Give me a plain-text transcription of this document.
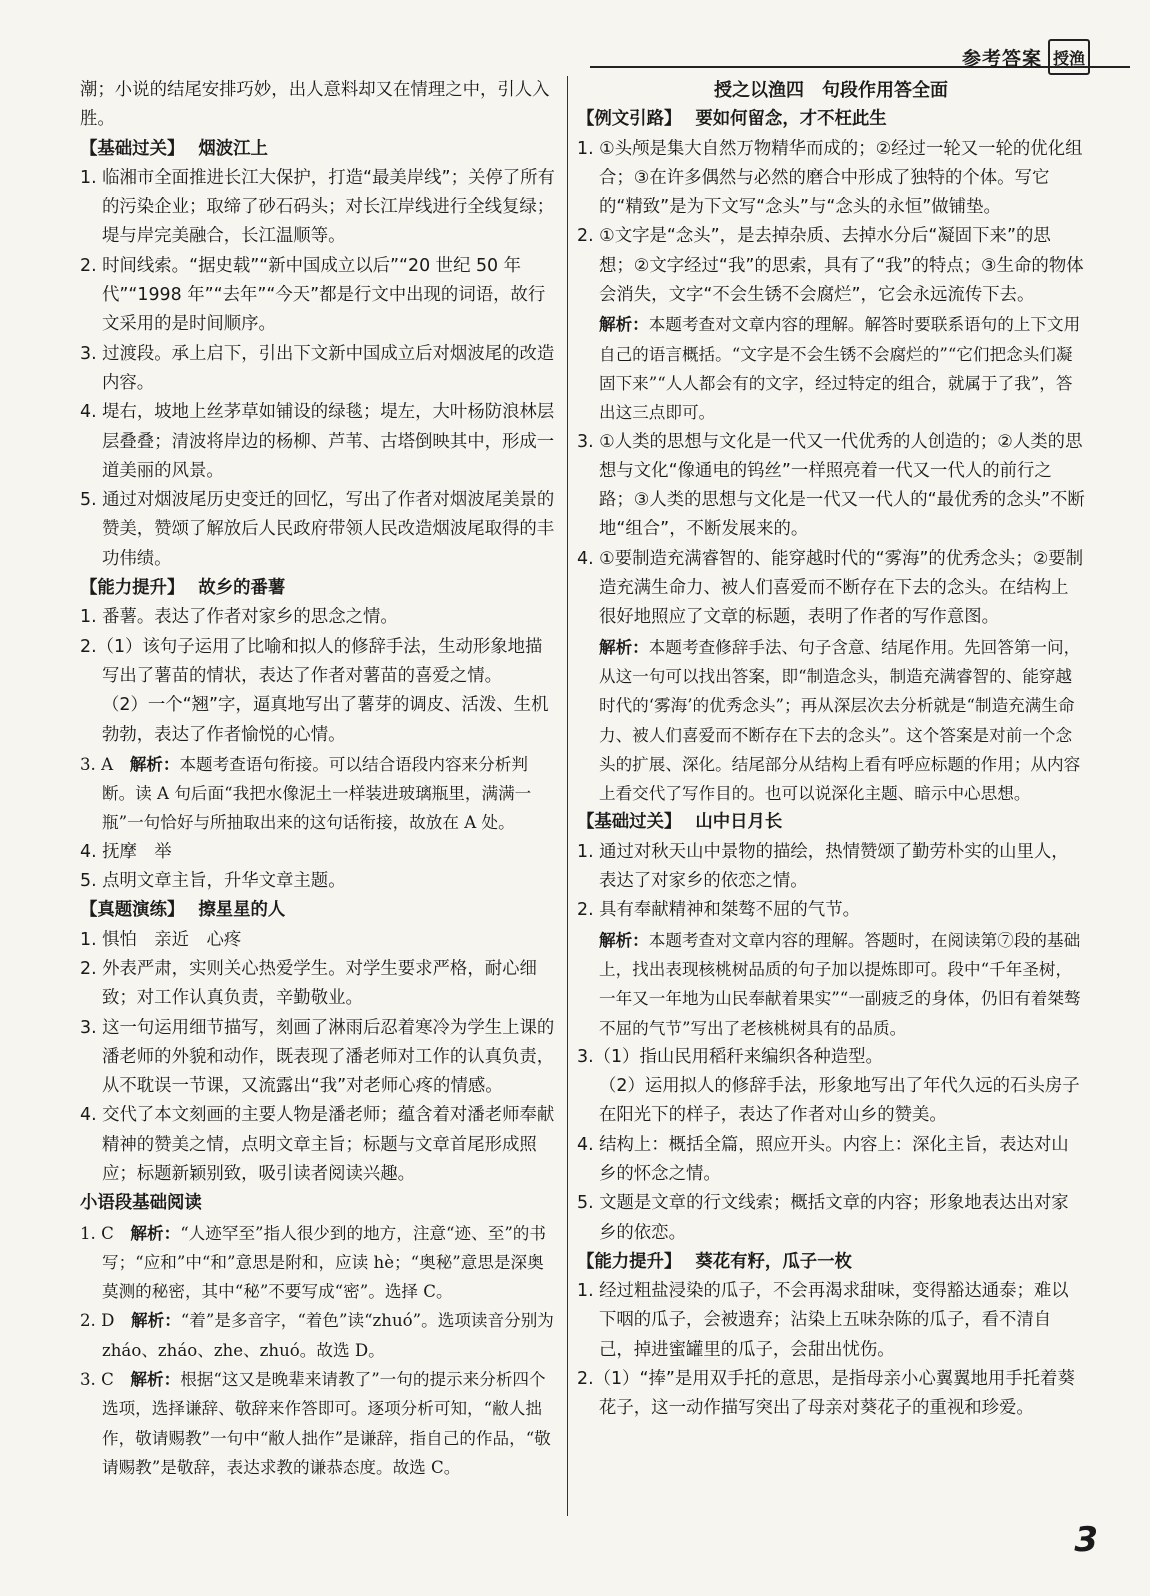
参考答案 授渔

潮；小说的结尾安排巧妙，出人意料却又在情理之中，引人入胜。

【基础过关】 烟波江上

1. 临湘市全面推进长江大保护，打造“最美岸线”；关停了所有的污染企业；取缔了砂石码头；对长江岸线进行全线复绿；堤与岸完美融合，长江温顺等。

2. 时间线索。“据史载”“新中国成立以后”“20 世纪 50 年代”“1998 年”“去年”“今天”都是行文中出现的词语，故行文采用的是时间顺序。

3. 过渡段。承上启下，引出下文新中国成立后对烟波尾的改造内容。

4. 堤右，坡地上丝茅草如铺设的绿毯；堤左，大叶杨防浪林层层叠叠；清波将岸边的杨柳、芦苇、古塔倒映其中，形成一道美丽的风景。

5. 通过对烟波尾历史变迁的回忆，写出了作者对烟波尾美景的赞美，赞颂了解放后人民政府带领人民改造烟波尾取得的丰功伟绩。

【能力提升】 故乡的番薯

1. 番薯。表达了作者对家乡的思念之情。

2.（1）该句子运用了比喻和拟人的修辞手法，生动形象地描写出了薯苗的情状，表达了作者对薯苗的喜爱之情。

（2）一个“翘”字，逼真地写出了薯芽的调皮、活泼、生机勃勃，表达了作者愉悦的心情。

3. A　解析：本题考查语句衔接。可以结合语段内容来分析判断。读 A 句后面“我把水像泥土一样装进玻璃瓶里，满满一瓶”一句恰好与所抽取出来的这句话衔接，故放在 A 处。

4. 抚摩　举

5. 点明文章主旨，升华文章主题。

【真题演练】 擦星星的人

1. 惧怕　亲近　心疼

2. 外表严肃，实则关心热爱学生。对学生要求严格，耐心细致；对工作认真负责，辛勤敬业。

3. 这一句运用细节描写，刻画了淋雨后忍着寒冷为学生上课的潘老师的外貌和动作，既表现了潘老师对工作的认真负责，从不耽误一节课，又流露出“我”对老师心疼的情感。

4. 交代了本文刻画的主要人物是潘老师；蕴含着对潘老师奉献精神的赞美之情，点明文章主旨；标题与文章首尾形成照应；标题新颖别致，吸引读者阅读兴趣。

小语段基础阅读

1. C　解析：“人迹罕至”指人很少到的地方，注意“迹、至”的书写；“应和”中“和”意思是附和，应读 hè；“奥秘”意思是深奥莫测的秘密，其中“秘”不要写成“密”。选择 C。

2. D　解析：“着”是多音字，“着色”读“zhuó”。选项读音分别为 zháo、zháo、zhe、zhuó。故选 D。

3. C　解析：根据“这又是晚辈来请教了”一句的提示来分析四个选项，选择谦辞、敬辞来作答即可。逐项分析可知，“敝人拙作，敬请赐教”一句中“敝人拙作”是谦辞，指自己的作品，“敬请赐教”是敬辞，表达求教的谦恭态度。故选 C。

授之以渔四　句段作用答全面

【例文引路】 要如何留念，才不枉此生

1. ①头颅是集大自然万物精华而成的；②经过一轮又一轮的优化组合；③在许多偶然与必然的磨合中形成了独特的个体。写它的“精致”是为下文写“念头”与“念头的永恒”做铺垫。

2. ①文字是“念头”，是去掉杂质、去掉水分后“凝固下来”的思想；②文字经过“我”的思索，具有了“我”的特点；③生命的物体会消失，文字“不会生锈不会腐烂”，它会永远流传下去。

解析：本题考查对文章内容的理解。解答时要联系语句的上下文用自己的语言概括。“文字是不会生锈不会腐烂的”“它们把念头们凝固下来”“人人都会有的文字，经过特定的组合，就属于了我”，答出这三点即可。

3. ①人类的思想与文化是一代又一代优秀的人创造的；②人类的思想与文化“像通电的钨丝”一样照亮着一代又一代人的前行之路；③人类的思想与文化是一代又一代人的“最优秀的念头”不断地“组合”，不断发展来的。

4. ①要制造充满睿智的、能穿越时代的“雾海”的优秀念头；②要制造充满生命力、被人们喜爱而不断存在下去的念头。在结构上很好地照应了文章的标题，表明了作者的写作意图。

解析：本题考查修辞手法、句子含意、结尾作用。先回答第一问，从这一句可以找出答案，即“制造念头，制造充满睿智的、能穿越时代的‘雾海’的优秀念头”；再从深层次去分析就是“制造充满生命力、被人们喜爱而不断存在下去的念头”。这个答案是对前一个念头的扩展、深化。结尾部分从结构上看有呼应标题的作用；从内容上看交代了写作目的。也可以说深化主题、暗示中心思想。

【基础过关】 山中日月长

1. 通过对秋天山中景物的描绘，热情赞颂了勤劳朴实的山里人，表达了对家乡的依恋之情。

2. 具有奉献精神和桀骜不屈的气节。

解析：本题考查对文章内容的理解。答题时，在阅读第⑦段的基础上，找出表现核桃树品质的句子加以提炼即可。段中“千年圣树，一年又一年地为山民奉献着果实”“一副疲乏的身体，仍旧有着桀骜不屈的气节”写出了老核桃树具有的品质。

3.（1）指山民用稻秆来编织各种造型。

（2）运用拟人的修辞手法，形象地写出了年代久远的石头房子在阳光下的样子，表达了作者对山乡的赞美。

4. 结构上：概括全篇，照应开头。内容上：深化主旨，表达对山乡的怀念之情。

5. 文题是文章的行文线索；概括文章的内容；形象地表达出对家乡的依恋。

【能力提升】 葵花有籽，瓜子一枚

1. 经过粗盐浸染的瓜子，不会再渴求甜味，变得豁达通泰；难以下咽的瓜子，会被遗弃；沾染上五味杂陈的瓜子，看不清自己，掉进蜜罐里的瓜子，会甜出忧伤。

2.（1）“捧”是用双手托的意思，是指母亲小心翼翼地用手托着葵花子，这一动作描写突出了母亲对葵花子的重视和珍爱。

3
